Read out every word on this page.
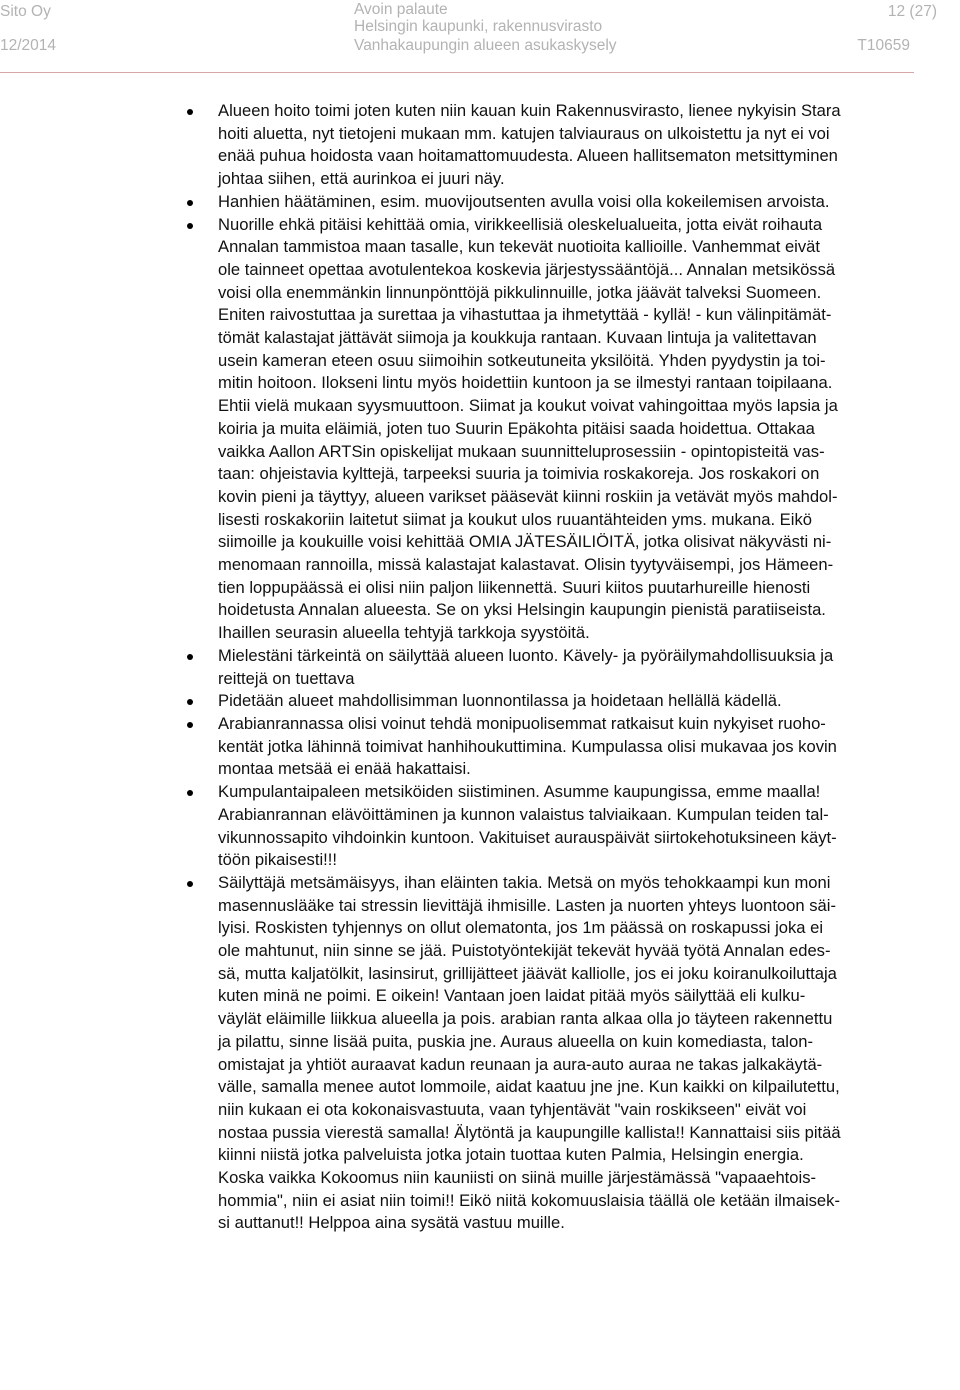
Sito Oy
12/2014
Avoin palaute
Helsingin kaupunki, rakennusvirasto
Vanhakaupungin alueen asukaskysely
12 (27)
T10659
Alueen hoito toimi joten kuten niin kauan kuin Rakennusvirasto, lienee nykyisin Stara
hoiti aluetta, nyt tietojeni mukaan mm. katujen talviauraus on ulkoistettu ja nyt ei voi
enää puhua hoidosta vaan hoitamattomuudesta. Alueen hallitsematon metsittyminen
johtaa siihen, että aurinkoa ei juuri näy.
Hanhien häätäminen, esim. muovijoutsenten avulla voisi olla kokeilemisen arvoista.
Nuorille ehkä pitäisi kehittää omia, virikkeellisiä oleskelualueita, jotta eivät roihauta
Annalan tammistoa maan tasalle, kun tekevät nuotioita kallioille. Vanhemmat eivät
ole tainneet opettaa avotulentekoa koskevia järjestyssääntöjä... Annalan metsikössä
voisi olla enemmänkin linnunpönttöjä pikkulinnuille, jotka jäävät talveksi Suomeen.
Eniten raivostuttaa ja surettaa ja vihastuttaa ja ihmetyttää - kyllä! - kun välinpitämät-
tömät kalastajat jättävät siimoja ja koukkuja rantaan. Kuvaan lintuja ja valitettavan
usein kameran eteen osuu siimoihin sotkeutuneita yksilöitä. Yhden pyydystin ja toi-
mitin hoitoon. Ilokseni lintu myös hoidettiin kuntoon ja se ilmestyi rantaan toipilaana.
Ehtii vielä mukaan syysmuuttoon. Siimat ja koukut voivat vahingoittaa myös lapsia ja
koiria ja muita eläimiä, joten tuo Suurin Epäkohta pitäisi saada hoidettua. Ottakaa
vaikka Aallon ARTSin opiskelijat mukaan suunnitteluprosessiin - opintopisteitä vas-
taan: ohjeistavia kylttejä, tarpeeksi suuria ja toimivia roskakoreja. Jos roskakori on
kovin pieni ja täyttyy, alueen varikset pääsevät kiinni roskiin ja vetävät myös mahdol-
lisesti roskakoriin laitetut siimat ja koukut ulos ruuantähteiden yms. mukana. Eikö
siimoille ja koukuille voisi kehittää OMIA JÄTESÄILIÖITÄ, jotka olisivat näkyvästi ni-
menomaan rannoilla, missä kalastajat kalastavat. Olisin tyytyväisempi, jos Hämeen-
tien loppupäässä ei olisi niin paljon liikennettä. Suuri kiitos puutarhureille hienosti
hoidetusta Annalan alueesta. Se on yksi Helsingin kaupungin pienistä paratiiseista.
Ihaillen seurasin alueella tehtyjä tarkkoja syystöitä.
Mielestäni tärkeintä on säilyttää alueen luonto. Kävely- ja pyöräilymahdollisuuksia ja
reittejä on tuettava
Pidetään alueet mahdollisimman luonnontilassa ja hoidetaan hellällä kädellä.
Arabianrannassa olisi voinut tehdä monipuolisemmat ratkaisut kuin nykyiset ruoho-
kentät jotka lähinnä toimivat hanhihoukuttimina. Kumpulassa olisi mukavaa jos kovin
montaa metsää ei enää hakattaisi.
Kumpulantaipaleen metsiköiden siistiminen. Asumme kaupungissa, emme maalla!
Arabianrannan elävöittäminen ja kunnon valaistus talviaikaan. Kumpulan teiden tal-
vikunnossapito vihdoinkin kuntoon. Vakituiset aurauspäivät siirtokehotuksineen käyt-
töön pikaisesti!!!
Säilyttäjä metsämäisyys, ihan eläinten takia. Metsä on myös tehokkaampi kun moni
masennuslääke tai stressin lievittäjä ihmisille. Lasten ja nuorten yhteys luontoon säi-
lyisi. Roskisten tyhjennys on ollut olematonta, jos 1m päässä on roskapussi joka ei
ole mahtunut, niin sinne se jää. Puistotyöntekijät tekevät hyvää työtä Annalan edes-
sä, mutta kaljatölkit, lasinsirut, grillijätteet jäävät kalliolle, jos ei joku koiranulkoiluttaja
kuten minä ne poimi. E oikein! Vantaan joen laidat pitää myös säilyttää eli kulku-
väylät eläimille liikkua alueella ja pois. arabian ranta alkaa olla jo täyteen rakennettu
ja pilattu, sinne lisää puita, puskia jne. Auraus alueella on kuin komediasta, talon-
omistajat ja yhtiöt auraavat kadun reunaan ja aura-auto auraa ne takas jalkakäytä-
välle, samalla menee autot lommoile, aidat kaatuu jne jne. Kun kaikki on kilpailutettu,
niin kukaan ei ota kokonaisvastuuta, vaan tyhjentävät "vain roskikseen" eivät voi
nostaa pussia vierestä samalla! Älytöntä ja kaupungille kallista!! Kannattaisi siis pitää
kiinni niistä jotka palveluista jotka jotain tuottaa kuten Palmia, Helsingin energia.
Koska vaikka Kokoomus niin kauniisti on siinä muille järjestämässä "vapaaehtois-
hommia", niin ei asiat niin toimi!! Eikö niitä kokomuuslaisia täällä ole ketään ilmaisek-
si auttanut!! Helppoa aina sysätä vastuu muille.
